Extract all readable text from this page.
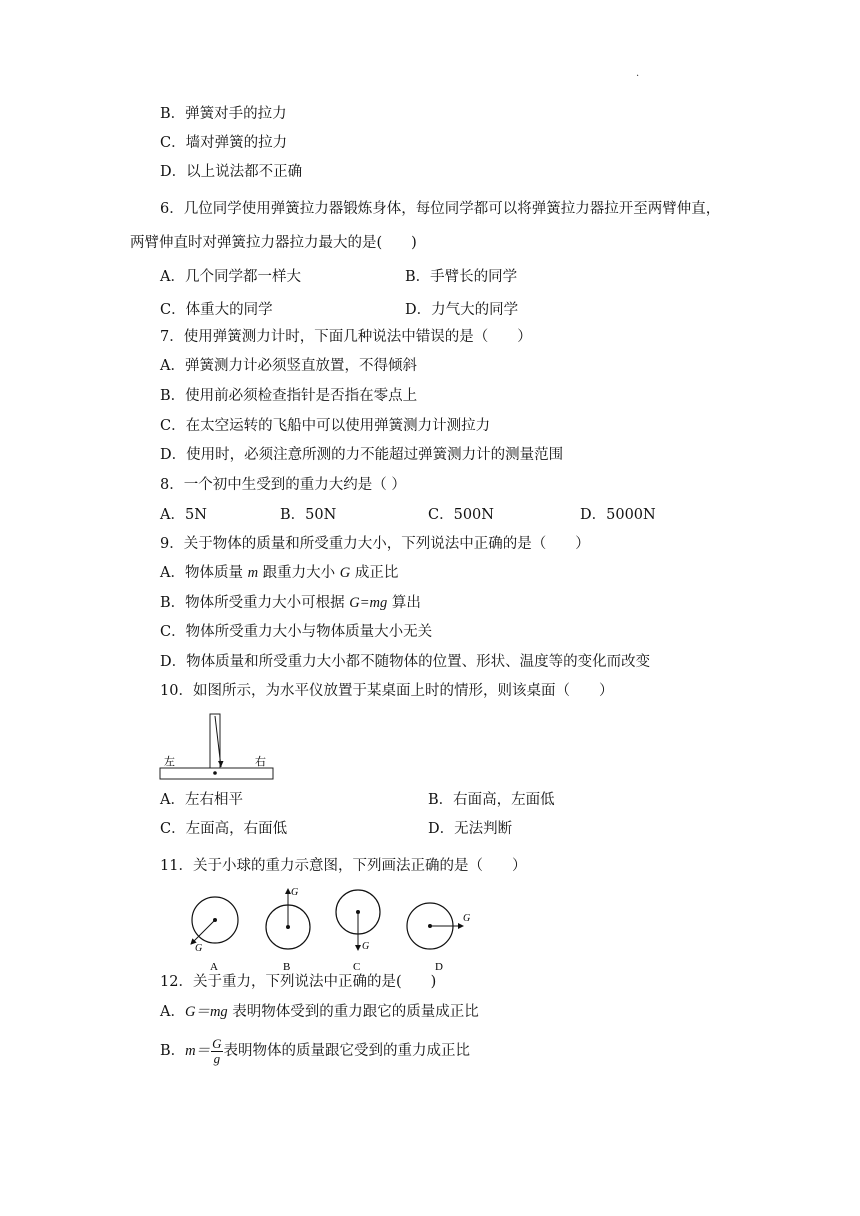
.
B．弹簧对手的拉力
C．墙对弹簧的拉力
D．以上说法都不正确
6．几位同学使用弹簧拉力器锻炼身体，每位同学都可以将弹簧拉力器拉开至两臂伸直，
两臂伸直时对弹簧拉力器拉力最大的是(　　)
A．几个同学都一样大	B．手臂长的同学
C．体重大的同学	D．力气大的同学
7．使用弹簧测力计时，下面几种说法中错误的是（　　）
A．弹簧测力计必须竖直放置，不得倾斜
B．使用前必须检查指针是否指在零点上
C．在太空运转的飞船中可以使用弹簧测力计测拉力
D．使用时，必须注意所测的力不能超过弹簧测力计的测量范围
8．一个初中生受到的重力大约是（ ）
A．5N	B．50N	C．500N	D．5000N
9．关于物体的质量和所受重力大小，下列说法中正确的是（　　）
A．物体质量 m 跟重力大小 G 成正比
B．物体所受重力大小可根据 G=mg 算出
C．物体所受重力大小与物体质量大小无关
D．物体质量和所受重力大小都不随物体的位置、形状、温度等的变化而改变
10．如图所示，为水平仪放置于某桌面上时的情形，则该桌面（　　）
左	右
A．左右相平	B．右面高，左面低
C．左面高，右面低	D．无法判断
11．关于小球的重力示意图，下列画法正确的是（　　）
G
A
G
B
G
C
G
D
12．关于重力，下列说法中正确的是(　　)
A．G＝mg 表明物体受到的重力跟它的质量成正比
B．$m= \frac{G}{g}$ 表明物体的质量跟它受到的重力成正比
